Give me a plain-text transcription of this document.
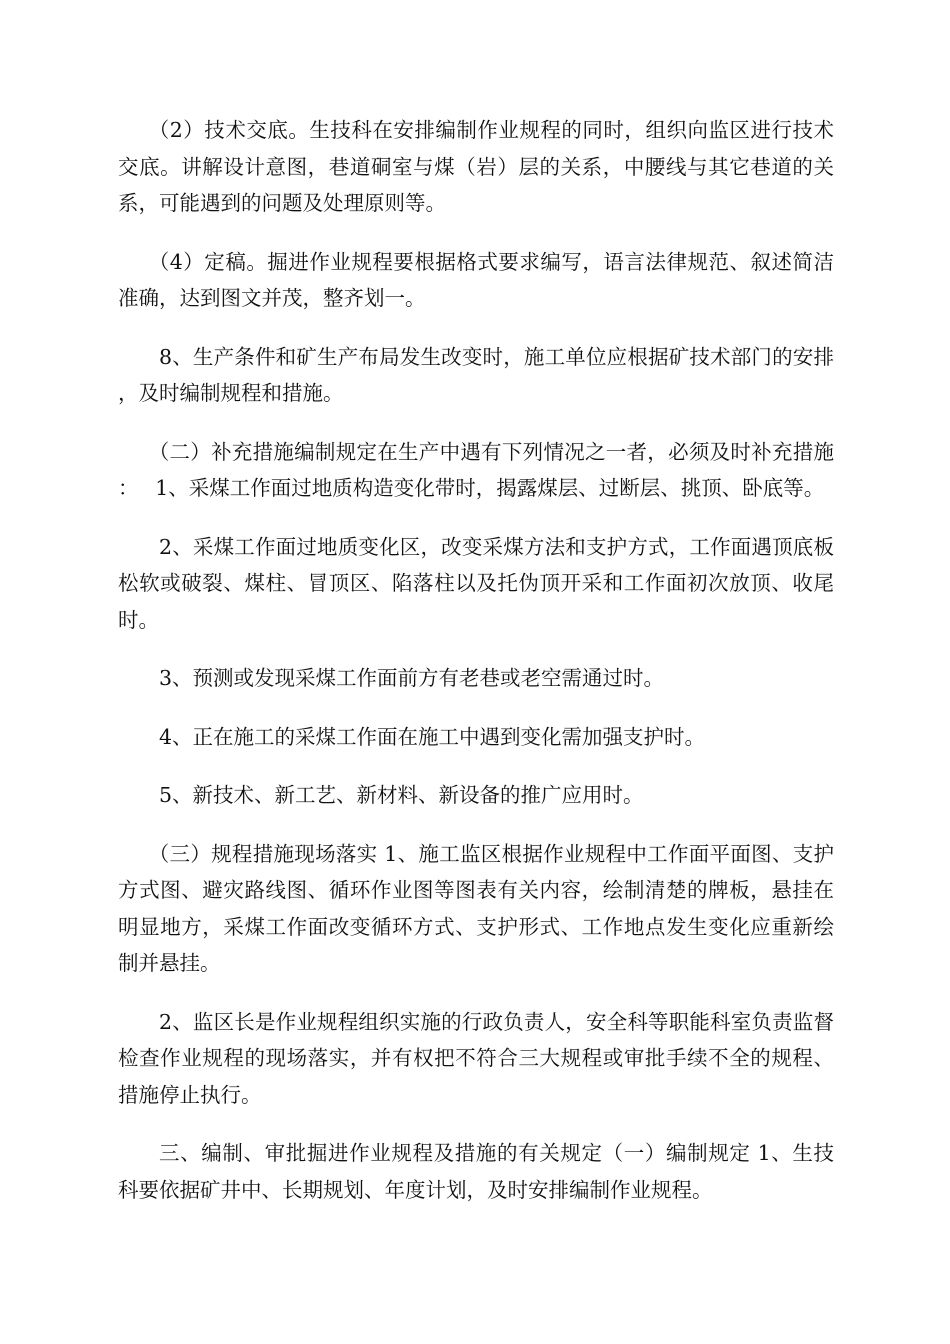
（2）技术交底。生技科在安排编制作业规程的同时，组织向监区进行技术交底。讲解设计意图，巷道硐室与煤（岩）层的关系，中腰线与其它巷道的关系，可能遇到的问题及处理原则等。

（4）定稿。掘进作业规程要根据格式要求编写，语言法律规范、叙述简洁准确，达到图文并茂，整齐划一。

8、生产条件和矿生产布局发生改变时，施工单位应根据矿技术部门的安排，及时编制规程和措施。

（二）补充措施编制规定在生产中遇有下列情况之一者，必须及时补充措施：　 1、采煤工作面过地质构造变化带时，揭露煤层、过断层、挑顶、卧底等。

2、采煤工作面过地质变化区，改变采煤方法和支护方式，工作面遇顶底板松软或破裂、煤柱、冒顶区、陷落柱以及托伪顶开采和工作面初次放顶、收尾时。

3、预测或发现采煤工作面前方有老巷或老空需通过时。

4、正在施工的采煤工作面在施工中遇到变化需加强支护时。

5、新技术、新工艺、新材料、新设备的推广应用时。

（三）规程措施现场落实 1、施工监区根据作业规程中工作面平面图、支护方式图、避灾路线图、循环作业图等图表有关内容，绘制清楚的牌板，悬挂在明显地方，采煤工作面改变循环方式、支护形式、工作地点发生变化应重新绘制并悬挂。

2、监区长是作业规程组织实施的行政负责人，安全科等职能科室负责监督检查作业规程的现场落实，并有权把不符合三大规程或审批手续不全的规程、措施停止执行。

三、编制、审批掘进作业规程及措施的有关规定（一）编制规定 1、生技科要依据矿井中、长期规划、年度计划，及时安排编制作业规程。
